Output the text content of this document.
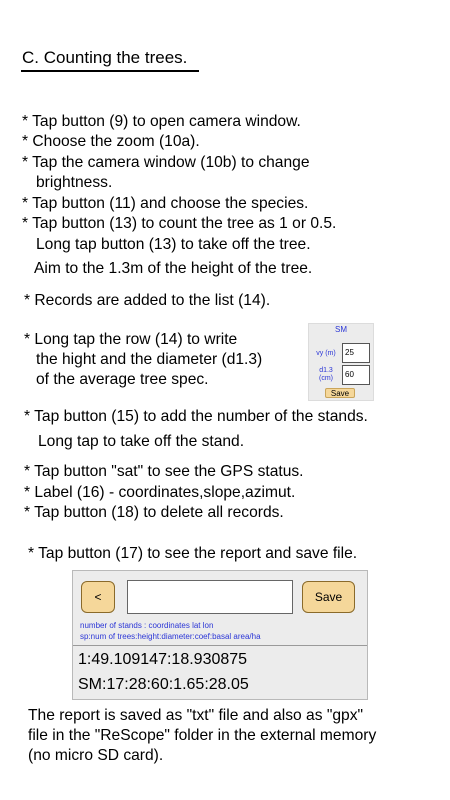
C. Counting the trees.
* Tap button (9) to open camera window.
* Choose the zoom (10a).
* Tap the camera window (10b) to change
brightness.
* Tap button (11) and choose the species.
* Tap button (13) to count the tree as 1 or 0.5.
Long tap button (13) to take off the tree.
Aim to the 1.3m of the height of the tree.
* Records are added to the list (14).
* Long tap the row (14) to write
the hight and the diameter (d1.3)
of the average tree spec.
SM
vy (m)	25
d1.3
(cm)	60
Save
* Tap button (15) to add the number of the stands.
Long tap to take off the stand.
* Tap button "sat" to see the GPS status.
* Label (16) - coordinates,slope,azimut.
* Tap button (18) to delete all records.
* Tap button (17) to see the report and save file.
<	Save
number of stands : coordinates lat lon
sp:num of trees:height:diameter:coef:basal area/ha
1:49.109147:18.930875
SM:17:28:60:1.65:28.05
The report is saved as "txt" file and also as "gpx"
file in the "ReScope" folder in the external memory
(no micro SD card).
